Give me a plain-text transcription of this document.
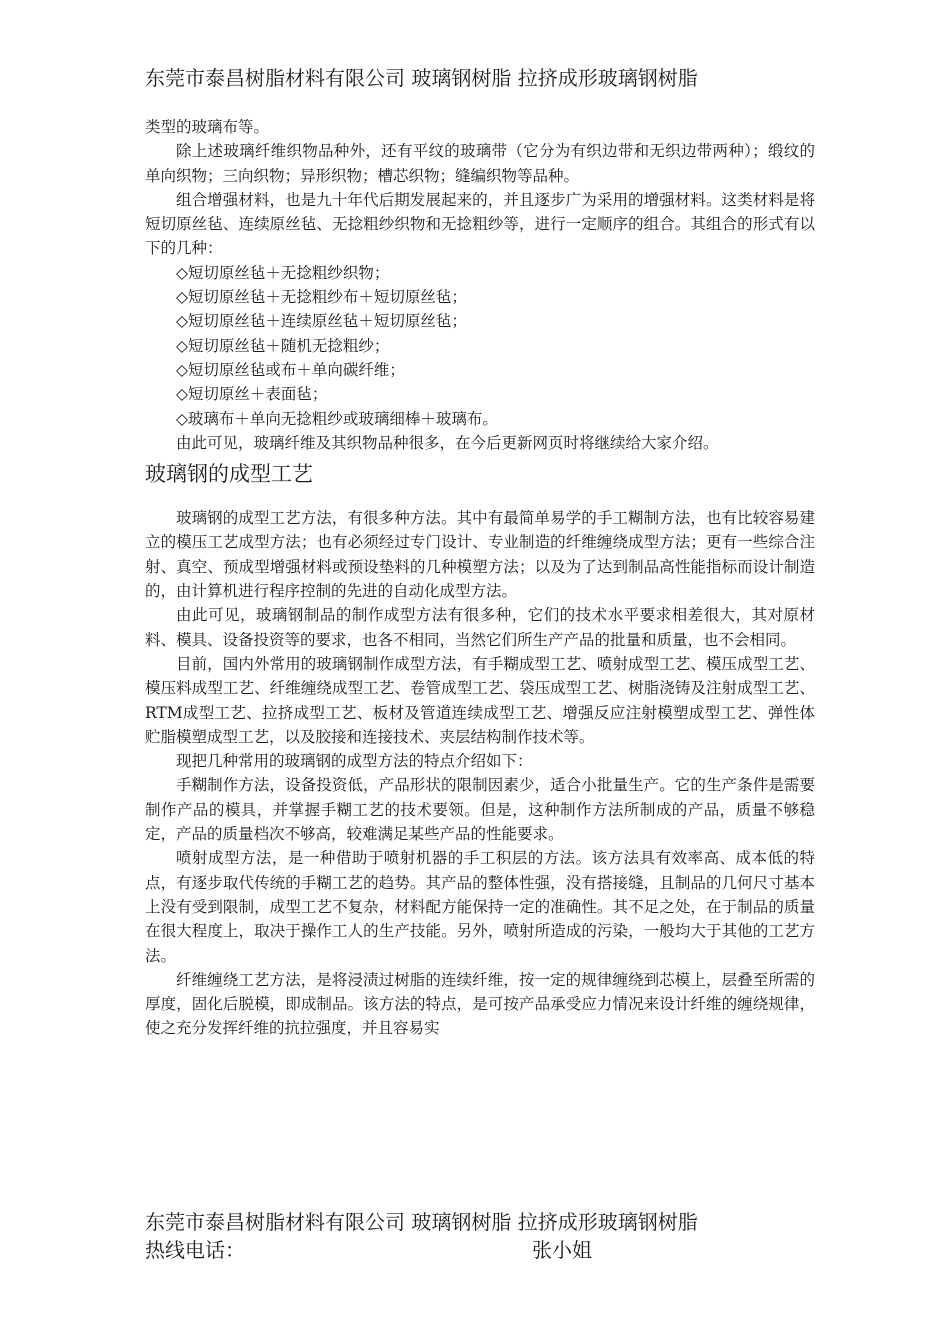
东莞市泰昌树脂材料有限公司 玻璃钢树脂 拉挤成形玻璃钢树脂

类型的玻璃布等。

除上述玻璃纤维织物品种外，还有平纹的玻璃带（它分为有织边带和无织边带两种）；缎纹的单向织物；三向织物；异形织物；槽芯织物；缝编织物等品种。

组合增强材料，也是九十年代后期发展起来的，并且逐步广为采用的增强材料。这类材料是将短切原丝毡、连续原丝毡、无捻粗纱织物和无捻粗纱等，进行一定顺序的组合。其组合的形式有以下的几种：

◇短切原丝毡＋无捻粗纱织物；

◇短切原丝毡＋无捻粗纱布＋短切原丝毡；

◇短切原丝毡＋连续原丝毡＋短切原丝毡；

◇短切原丝毡＋随机无捻粗纱；

◇短切原丝毡或布＋单向碳纤维；

◇短切原丝＋表面毡；

◇玻璃布＋单向无捻粗纱或玻璃细棒＋玻璃布。

由此可见，玻璃纤维及其织物品种很多，在今后更新网页时将继续给大家介绍。

玻璃钢的成型工艺

玻璃钢的成型工艺方法，有很多种方法。其中有最简单易学的手工糊制方法，也有比较容易建立的模压工艺成型方法；也有必须经过专门设计、专业制造的纤维缠绕成型方法；更有一些综合注射、真空、预成型增强材料或预设垫料的几种模塑方法；以及为了达到制品高性能指标而设计制造的，由计算机进行程序控制的先进的自动化成型方法。

由此可见，玻璃钢制品的制作成型方法有很多种，它们的技术水平要求相差很大，其对原材料、模具、设备投资等的要求，也各不相同，当然它们所生产产品的批量和质量，也不会相同。

目前，国内外常用的玻璃钢制作成型方法，有手糊成型工艺、喷射成型工艺、模压成型工艺、模压料成型工艺、纤维缠绕成型工艺、卷管成型工艺、袋压成型工艺、树脂浇铸及注射成型工艺、RTM成型工艺、拉挤成型工艺、板材及管道连续成型工艺、增强反应注射模塑成型工艺、弹性体贮脂模塑成型工艺，以及胶接和连接技术、夹层结构制作技术等。

现把几种常用的玻璃钢的成型方法的特点介绍如下：

手糊制作方法，设备投资低，产品形状的限制因素少，适合小批量生产。它的生产条件是需要制作产品的模具，并掌握手糊工艺的技术要领。但是，这种制作方法所制成的产品，质量不够稳定，产品的质量档次不够高，较难满足某些产品的性能要求。

喷射成型方法，是一种借助于喷射机器的手工积层的方法。该方法具有效率高、成本低的特点，有逐步取代传统的手糊工艺的趋势。其产品的整体性强，没有搭接缝，且制品的几何尺寸基本上没有受到限制，成型工艺不复杂，材料配方能保持一定的准确性。其不足之处，在于制品的质量在很大程度上，取决于操作工人的生产技能。另外，喷射所造成的污染，一般均大于其他的工艺方法。

纤维缠绕工艺方法，是将浸渍过树脂的连续纤维，按一定的规律缠绕到芯模上，层叠至所需的厚度，固化后脱模，即成制品。该方法的特点，是可按产品承受应力情况来设计纤维的缠绕规律，使之充分发挥纤维的抗拉强度，并且容易实

东莞市泰昌树脂材料有限公司 玻璃钢树脂 拉挤成形玻璃钢树脂
热线电话：	张小姐
